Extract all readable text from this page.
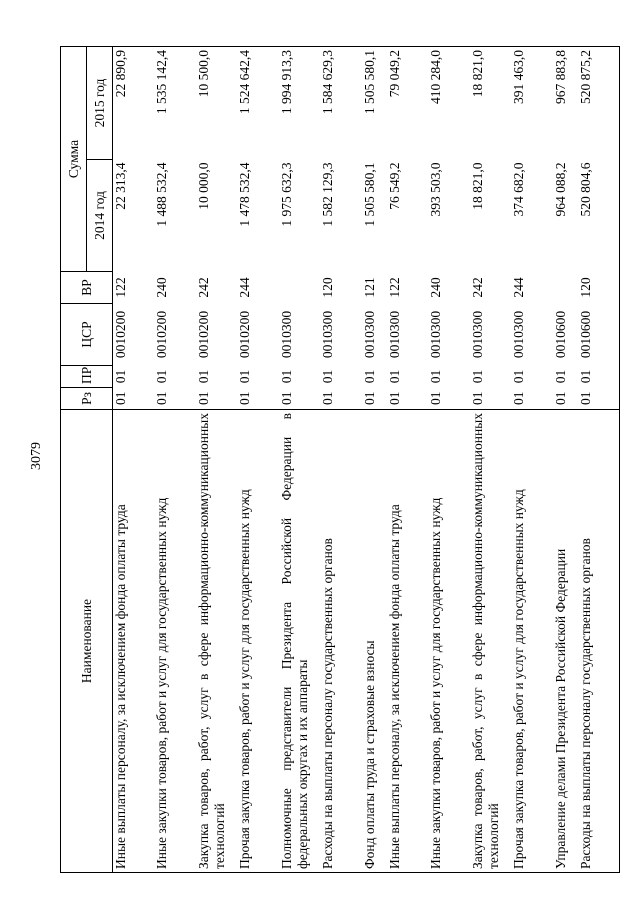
3079
Наименование	Рз	ПР	ЦСР	ВР	Сумма	
					2014 год	2015 год
Иные выплаты персоналу, за исключением фонда оплаты труда	01	01	0010200	122	22 313,4	22 890,9
Иные закупки товаров, работ и услуг для государственных нужд	01	01	0010200	240	1 488 532,4	1 535 142,4
Закупка товаров, работ, услуг в сфере информационно-коммуникационных технологий	01	01	0010200	242	10 000,0	10 500,0
Прочая закупка товаров, работ и услуг для государственных нужд	01	01	0010200	244	1 478 532,4	1 524 642,4
Полномочные представители Президента Российской Федерации в федеральных округах и их аппараты	01	01	0010300		1 975 632,3	1 994 913,3
Расходы на выплаты персоналу государственных органов	01	01	0010300	120	1 582 129,3	1 584 629,3
Фонд оплаты труда и страховые взносы	01	01	0010300	121	1 505 580,1	1 505 580,1
Иные выплаты персоналу, за исключением фонда оплаты труда	01	01	0010300	122	76 549,2	79 049,2
Иные закупки товаров, работ и услуг для государственных нужд	01	01	0010300	240	393 503,0	410 284,0
Закупка товаров, работ, услуг в сфере информационно-коммуникационных технологий	01	01	0010300	242	18 821,0	18 821,0
Прочая закупка товаров, работ и услуг для государственных нужд	01	01	0010300	244	374 682,0	391 463,0
Управление делами Президента Российской Федерации	01	01	0010600		964 088,2	967 883,8
Расходы на выплаты персоналу государственных органов	01	01	0010600	120	520 804,6	520 875,2
